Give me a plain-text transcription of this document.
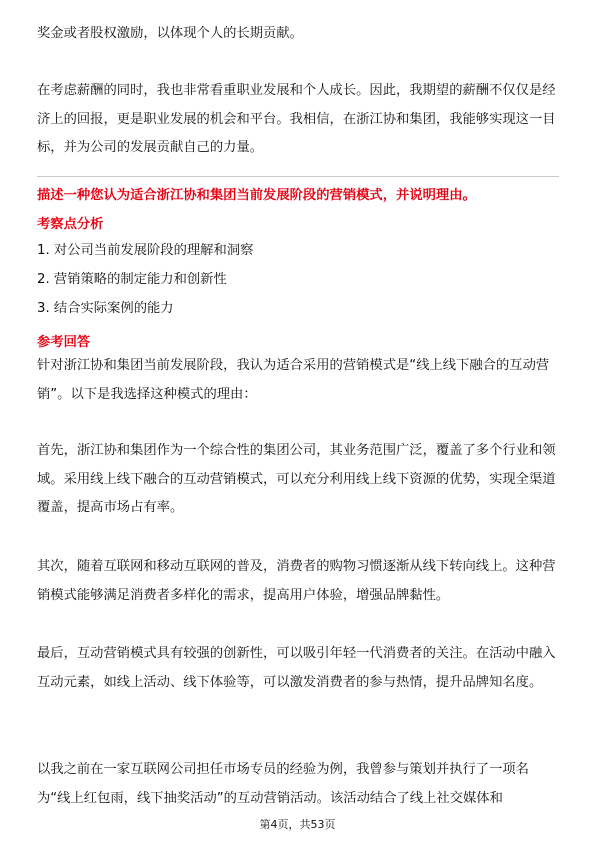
奖金或者股权激励，以体现个人的长期贡献。

在考虑薪酬的同时，我也非常看重职业发展和个人成长。因此，我期望的薪酬不仅仅是经济上的回报，更是职业发展的机会和平台。我相信，在浙江协和集团，我能够实现这一目标，并为公司的发展贡献自己的力量。

描述一种您认为适合浙江协和集团当前发展阶段的营销模式，并说明理由。

考察点分析

1. 对公司当前发展阶段的理解和洞察

2. 营销策略的制定能力和创新性

3. 结合实际案例的能力

参考回答

针对浙江协和集团当前发展阶段，我认为适合采用的营销模式是“线上线下融合的互动营销”。以下是我选择这种模式的理由：

首先，浙江协和集团作为一个综合性的集团公司，其业务范围广泛，覆盖了多个行业和领域。采用线上线下融合的互动营销模式，可以充分利用线上线下资源的优势，实现全渠道覆盖，提高市场占有率。

其次，随着互联网和移动互联网的普及，消费者的购物习惯逐渐从线下转向线上。这种营销模式能够满足消费者多样化的需求，提高用户体验，增强品牌黏性。

最后，互动营销模式具有较强的创新性，可以吸引年轻一代消费者的关注。在活动中融入互动元素，如线上活动、线下体验等，可以激发消费者的参与热情，提升品牌知名度。

以我之前在一家互联网公司担任市场专员的经验为例，我曾参与策划并执行了一项名为“线上红包雨，线下抽奖活动”的互动营销活动。该活动结合了线上社交媒体和

第4页，共53页
